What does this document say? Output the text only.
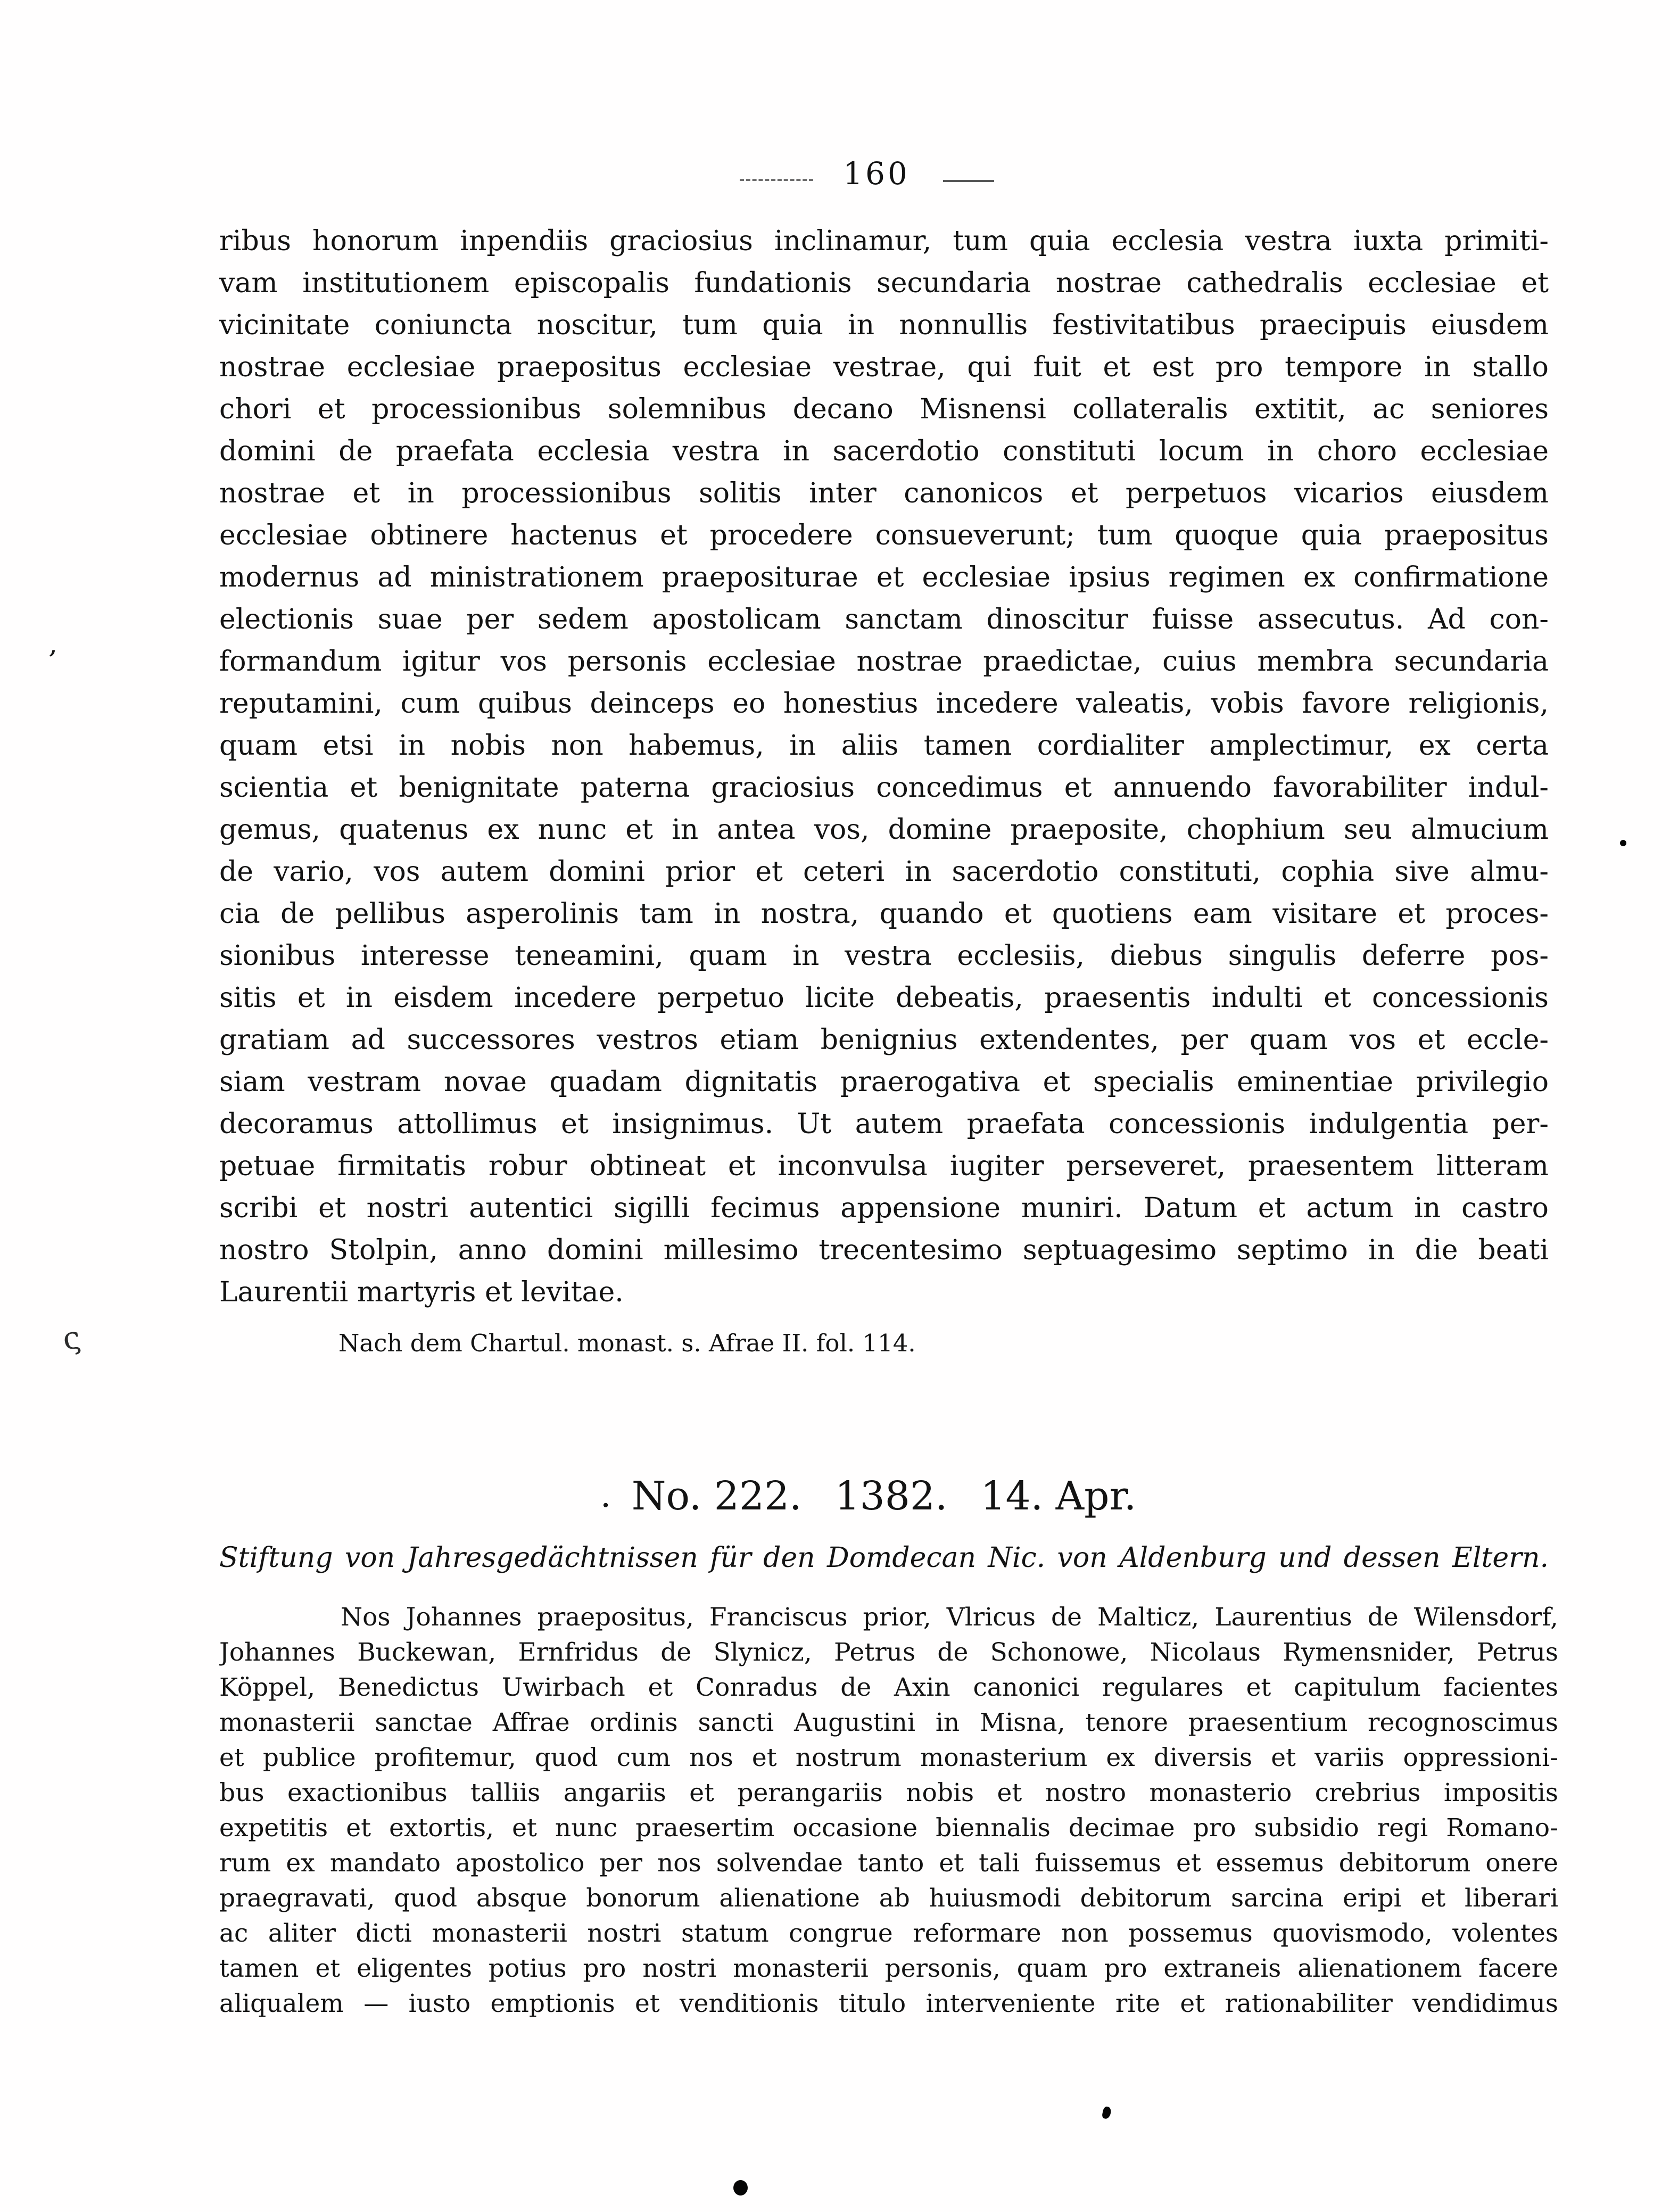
160
ribus honorum inpendiis graciosius inclinamur, tum quia ecclesia vestra iuxta primiti-
vam institutionem episcopalis fundationis secundaria nostrae cathedralis ecclesiae et
vicinitate coniuncta noscitur, tum quia in nonnullis festivitatibus praecipuis eiusdem
nostrae ecclesiae praepositus ecclesiae vestrae, qui fuit et est pro tempore in stallo
chori et processionibus solemnibus decano Misnensi collateralis extitit, ac seniores
domini de praefata ecclesia vestra in sacerdotio constituti locum in choro ecclesiae
nostrae et in processionibus solitis inter canonicos et perpetuos vicarios eiusdem
ecclesiae obtinere hactenus et procedere consueverunt; tum quoque quia praepositus
modernus ad ministrationem praepositurae et ecclesiae ipsius regimen ex confirmatione
electionis suae per sedem apostolicam sanctam dinoscitur fuisse assecutus. Ad con-
formandum igitur vos personis ecclesiae nostrae praedictae, cuius membra secundaria
reputamini, cum quibus deinceps eo honestius incedere valeatis, vobis favore religionis,
quam etsi in nobis non habemus, in aliis tamen cordialiter amplectimur, ex certa
scientia et benignitate paterna graciosius concedimus et annuendo favorabiliter indul-
gemus, quatenus ex nunc et in antea vos, domine praeposite, chophium seu almucium
de vario, vos autem domini prior et ceteri in sacerdotio constituti, cophia sive almu-
cia de pellibus asperolinis tam in nostra, quando et quotiens eam visitare et proces-
sionibus interesse teneamini, quam in vestra ecclesiis, diebus singulis deferre pos-
sitis et in eisdem incedere perpetuo licite debeatis, praesentis indulti et concessionis
gratiam ad successores vestros etiam benignius extendentes, per quam vos et eccle-
siam vestram novae quadam dignitatis praerogativa et specialis eminentiae privilegio
decoramus attollimus et insignimus. Ut autem praefata concessionis indulgentia per-
petuae firmitatis robur obtineat et inconvulsa iugiter perseveret, praesentem litteram
scribi et nostri autentici sigilli fecimus appensione muniri. Datum et actum in castro
nostro Stolpin, anno domini millesimo trecentesimo septuagesimo septimo in die beati
Laurentii martyris et levitae.
Nach dem Chartul. monast. s. Afrae II. fol. 114.
No. 222. 1382. 14. Apr.
Stiftung von Jahresgedächtnissen für den Domdecan Nic. von Aldenburg und dessen Eltern.
Nos Johannes praepositus, Franciscus prior, Vlricus de Malticz, Laurentius de Wilensdorf,
Johannes Buckewan, Ernfridus de Slynicz, Petrus de Schonowe, Nicolaus Rymensnider, Petrus
Köppel, Benedictus Uwirbach et Conradus de Axin canonici regulares et capitulum facientes
monasterii sanctae Affrae ordinis sancti Augustini in Misna, tenore praesentium recognoscimus
et publice profitemur, quod cum nos et nostrum monasterium ex diversis et variis oppressioni-
bus exactionibus talliis angariis et perangariis nobis et nostro monasterio crebrius impositis
expetitis et extortis, et nunc praesertim occasione biennalis decimae pro subsidio regi Romano-
rum ex mandato apostolico per nos solvendae tanto et tali fuissemus et essemus debitorum onere
praegravati, quod absque bonorum alienatione ab huiusmodi debitorum sarcina eripi et liberari
ac aliter dicti monasterii nostri statum congrue reformare non possemus quovismodo, volentes
tamen et eligentes potius pro nostri monasterii personis, quam pro extraneis alienationem facere
aliqualem — iusto emptionis et venditionis titulo interveniente rite et rationabiliter vendidimus
’
ς
·
